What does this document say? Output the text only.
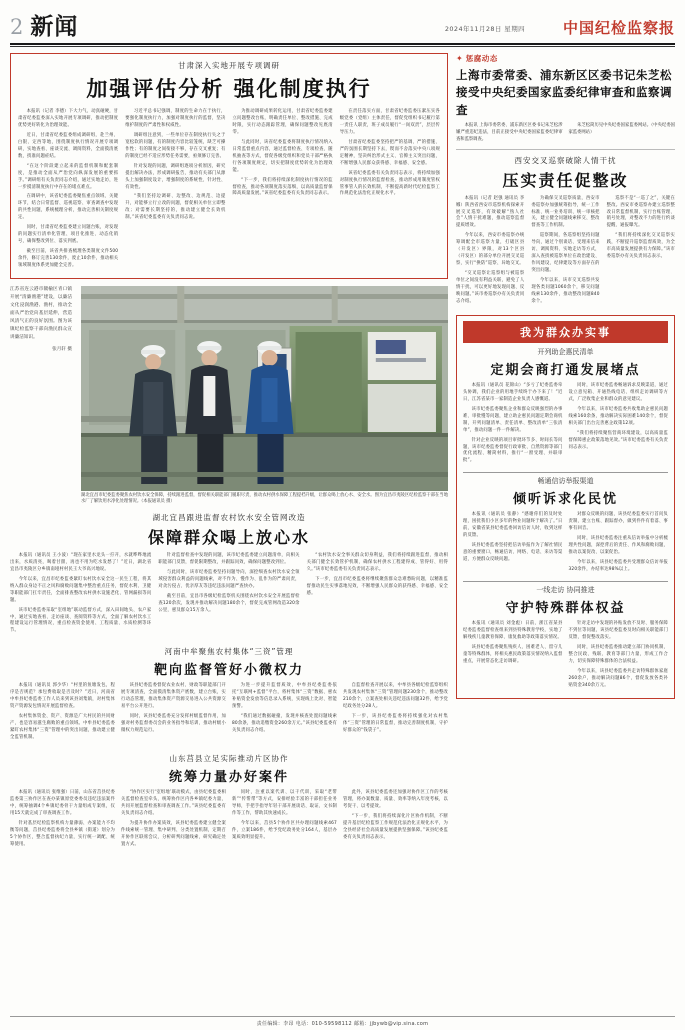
2 新闻	2024年11月28日 星期四	中国纪检监察报
甘肃深入实地开展专项调研
加强评估分析 强化制度执行

本报讯（记者 李德）下大力气、动真碰硬，甘肃省纪委监委深入实地开展专项调研，推动把制度优势更好转化为治理效能。

近日，甘肃省纪委监委组成调研组，赴兰州、白银、定西等地，围绕制度执行情况开展专项调研，实地查看、座谈交流、调阅资料，全面摸清底数，找准问题症结。

“在这个阶段建立起来的监督机制和配套制度，是推动全面从严治党向纵深发展的重要抓手。”调研组有关负责同志介绍，通过实地走访，进一步摸清制度执行中存在的堵点难点。

在调研中，该省纪委监委聚焦重点领域、关键环节，结合日常监督、巡视巡察、审查调查中发现的共性问题，系统梳理分析，推动完善相关制度规定。

同时，甘肃省纪委监委建立问题台账，对发现的问题实行清单化管理、项目化推进、动态化销号，确保整改到位、落实到底。

截至目前，该省共排查梳理各类制度文件500余件，修订完善130余件，废止10余件，推动相关领域制度体系更加健全完善。

习近平总书记强调，制度的生命力在于执行，要强化制度执行力，加强对制度执行的监督，坚决维护制度的严肃性和权威性。

调研组注意到，一些单位存在制度执行失之于宽松软的问题，有的制度内容比较笼统，缺乏可操作性；有的制度之间衔接不够，存在交叉重复；有的制度已经不适应形势任务需要，亟须修订完善。

针对发现的问题，调研组逐项分析原因，研究提出解决办法，形成调研报告，推动有关部门从源头上加强制度设计，增强制度的系统性、针对性、有效性。

“我们坚持边调研、边整改、边规范、边提升，对能够立行立改的问题，督促相关单位立即整改；对需要长期坚持的，推动建立健全长效机制。”该省纪委监委有关负责同志说。

为推动调研成果转化运用，甘肃省纪委监委建立问题整改台账，明确责任单位、整改措施、完成时限，实行动态跟踪管理，确保问题整改见底清零。

与此同时，该省纪委监委将制度执行情况纳入日常监督重点内容，通过监督检查、专项检查、随机抽查等方式，督促各级党组织和党员干部严格执行各项制度规定，切实把制度优势转化为治理效能。

“下一步，我们将持续深化制度执行情况的监督检查，推动各项制度落实落细，以高质量监督保障高质量发展。”该省纪委监委有关负责同志表示。

在责任落实方面，甘肃省纪委监委压紧压实各级党委（党组）主体责任，督促党组织书记履行第一责任人职责，班子成员履行“一岗双责”，层层传导压力。

甘肃省纪委监委坚持把严的基调、严的措施、严的氛围长期坚持下去，锲而不舍落实中央八项规定精神，坚决纠治形式主义、官僚主义突出问题，不断增强人民群众获得感、幸福感、安全感。

该省纪委监委有关负责同志表示，将持续加强对制度执行情况的监督检查，推动形成用制度管权管事管人的长效机制，不断提高新时代纪检监察工作规范化法治化正规化水平。

江苏省连云港市赣榆区青口镇开展“清廉渔港”建设，以廉洁文化浸润渔港、渔村，推动全面从严治党向基层延伸，营造风清气正的良好氛围。图为该镇纪检监察干部向渔民群众宣讲廉洁知识。
张月轩 摄
湖北宜昌市纪委监委聚焦农村饮水安全保障，持续跟进监督，督促相关职能部门履职尽责，推动农村供水保障工程提档升级，让群众喝上放心水、安全水。图为宜昌市夷陵区纪检监察干部在当地水厂了解饮用水净化处理情况。（本报通讯员 摄）
湖北宜昌跟进监督农村饮水安全管网改造
保障群众喝上放心水

本报讯（通讯员 王小波）“现在家里水龙头一拧开，水就哗哗地流出来，水质清亮，喝着甘甜，再也不用为吃水发愁了！”近日，湖北省宜昌市夷陵区分乡镇南垭村村民王大爷高兴地说。

今年以来，宜昌市纪委监委紧盯农村饮水安全这一民生工程，将其纳入群众身边不正之风和腐败问题集中整治重点任务，督促水利、卫健等职能部门扛牢责任，全面排查整改农村供水设施老化、管网漏损等问题。

该市纪委监委采取“室组地”联动监督方式，深入田间地头、农户家中，通过实地查看、走访座谈、查阅资料等方式，全面了解农村饮水工程建设运行管理情况，重点检查资金使用、工程质量、水质检测等环节。

针对监督检查中发现的问题，该市纪委监委建立问题清单，向相关职能部门反馈，督促限期整改，并跟踪问效，确保问题整改到位。

与此同时，该市纪委监委坚持问题导向，深挖细查农村饮水安全领域侵害群众利益的问题线索，对不作为、慢作为、乱作为的严肃问责，对贪污侵占、优亲厚友等违纪违法问题严查快办。

截至目前，宜昌市各级纪检监察机关围绕农村饮水安全开展监督检查120余次，发现并推动解决问题180余个，督促完成管网改造320余公里，惠及群众15万余人。

“农村饮水安全事关群众切身利益，我们将持续跟进监督，推动相关部门健全长效管护机制，确保农村供水工程建得成、管得好、用得久。”该市纪委监委有关负责同志表示。

下一步，宜昌市纪委监委将继续聚焦群众急难愁盼问题，以精准监督推动民生实事落地见效，不断增强人民群众的获得感、幸福感、安全感。

河南中牟聚焦农村集体“三资”管理
靶向监督管好小微权力

本报讯（通讯员 郭少华）“村里的鱼塘发包，程序是否规范？承包费收取是否及时？”近日，河南省中牟县纪委监委工作人员来到该县刘集镇，对村集体资产资源发包情况开展监督检查。

农村集体资金、资产、资源是广大村民的共同财产，也是容易滋生腐败的重点领域。中牟县纪委监委紧盯农村集体“三资”管理中的突出问题，推动建立健全监管机制。

该县纪委监委督促农业农村、财政等职能部门开展专项清查，全面摸清集体资产底数，建立台账，实行动态管理，推动集体资产资源交易进入公共资源交易平台公开进行。

同时，该县纪委监委充分发挥村级监督作用，加强对村务监督委员会的业务指导和培训，推动村级小微权力规范运行。

为进一步提升监督质效，中牟县纪委监委依托“互联网+监督”平台，将村集体“三资”数据、惠农补贴资金发放等信息录入系统，实现线上比对、智能预警。

“我们通过数据碰撞，发现并核查处置问题线索80余条，推动追缴资金260余万元。”该县纪委监委有关负责同志介绍。

自监督检查开展以来，中牟县各级纪检监察组织共发现农村集体“三资”管理问题230余个，推动整改210余个，立案查处相关违纪违法问题32件，给予党纪政务处分28人。

下一步，该县纪委监委将持续强化对农村集体“三资”管理的日常监督，推动完善制度机制，守护好群众的“钱袋子”。

山东莒县立足实际推动片区协作
统筹力量办好案件

本报讯（通讯员 张维强）日前，山东省莒县纪委监委第三协作区在查办某镇原党委委员违纪违法案件中，统筹抽调4个乡镇纪委骨干力量组成专案组，仅用15天就完成了审查调查工作。

针对基层纪检监察机构力量薄弱、办案能力不均衡等问题，莒县纪委监委将全县乡镇（街道）划分为5个协作区，整合监督执纪力量，实行统一调配、统筹使用。

“协作区实行‘室组地’联动模式，由县纪委监委相关监督检查室牵头，统筹协作区内各乡镇纪委力量，共同开展监督检查和审查调查工作。”该县纪委监委有关负责同志介绍。

为提升协作办案质效，该县纪委监委建立健全案件线索统一管理、集中研判、分类处置机制，定期召开协作区联席会议，分析研判问题线索，研究确定处置方式。

同时，注重以案代训、以干代训，采取“老带新”“传帮带”等方式，安排经验丰富的干部担任业务导师，手把手指导年轻干部开展谈话、取证、文书制作等工作，帮助其快速成长。

今年以来，莒县5个协作区共办理问题线索467件，立案186件，给予党纪政务处分164人，基层办案质效明显提升。

此外，该县纪委监委还加强对协作区工作的考核管理，将办案数量、质量、效率等纳入年度考核，以考促干、以考提效。

“下一步，我们将持续深化片区协作机制，不断提升基层纪检监察工作规范化法治化正规化水平，为全县经济社会高质量发展提供坚强保障。”该县纪委监委有关负责同志表示。

✦ 惩腐动态
上海市委常委、浦东新区区委书记朱芝松接受中央纪委国家监委纪律审查和监察调查

本报讯 上海市委常委、浦东新区区委书记朱芝松涉嫌严重违纪违法，目前正接受中央纪委国家监委纪律审查和监察调查。

朱芝松简历见中央纪委国家监委网站。（中央纪委国家监委网站）

西安交叉巡察破除人情干扰
压实责任促整改

本报讯（记者 赵强 通讯员 李娜）陕西省西安市巡察机构探索开展交叉巡察，有效破解“熟人社会”人情干扰难题，推动巡察监督提质增效。

今年以来，西安市委巡察办统筹调配全市巡察力量，打破区县（开发区）界限，对13个区县（开发区）的部分单位开展交叉巡察，实行“换防”巡察、异地交叉。

“交叉巡察让巡察组与被巡察单位之间没有利益关联，避免了人情干扰，可以更好地发现问题、反映问题。”该市委巡察办有关负责同志介绍。

为确保交叉巡察质量，西安市委巡察办加强统筹指导，统一工作标准、统一业务培训、统一审核把关，建立健全问题线索移交、整改督查等工作机制。

巡察期间，各巡察组坚持问题导向，通过个别谈话、受理来信来访、调阅资料、实地走访等方式，深入查找被巡察单位在政治建设、作风建设、纪律建设等方面存在的突出问题。

今年以来，该市交叉巡察共发现各类问题1060余个，移交问题线索130余件，推动整改问题840余个。

巡察不是“一巡了之”，关键在整改。西安市委巡察办建立巡察整改日常监督机制，实行台账管理、销号处理，对整改不力的进行约谈提醒、通报曝光。

“我们将持续深化交叉巡察实践，不断提升巡察监督质效，为全市高质量发展提供有力保障。”该市委巡察办有关负责同志表示。

我为群众办实事
开列助企惠民清单
定期会商打通发展堵点

本报讯（通讯员 花锦山）“多亏了纪委监委牵头协调，我们企业的用地手续终于办下来了！”近日，江苏省某市一家制造企业负责人感慨道。

该市纪委监委聚焦企业和群众反映强烈的办事难、审批慢等问题，建立助企惠民问题定期会商机制，开列问题清单、责任清单、整改清单“三张清单”，推动问题一件一件解决。

针对企业反映的项目审批环节多、时间长等问题，该市纪委监委督促行政审批、自然资源等部门优化流程、精简材料，推行“一窗受理、并联审批”。

同时，该市纪委监委畅通诉求反映渠道，通过设立意见箱、开通热线电话、组织走访调研等方式，广泛收集企业和群众的意见建议。

今年以来，该市纪委监委共收集助企惠民问题线索160余条，推动解决实际困难140余个，督促相关部门出台完善惠企政策12项。

“我们将持续聚焦营商环境建设，以高质量监督保障惠企政策落地见效。”该市纪委监委有关负责同志表示。

畅通信访举报渠道
倾听诉求化民忧

本报讯（通讯员 张静）“感谢你们的及时处理，困扰我们小区多年的物业问题终于解决了。”日前，安徽省某县纪委监委回访信访人时，收到这样的反馈。

该县纪委监委坚持把信访举报作为了解社情民意的重要窗口，畅通信访、网络、电话、来访等渠道，方便群众反映问题。

对群众反映的问题，该县纪委监委实行首问负责制，建立台账、跟踪督办，做到件件有着落、事事有回音。

同时，该县纪委监委注重从信访举报中分析梳理共性问题，深挖背后的责任、作风和腐败问题，推动以案促改、以案促治。

今年以来，该县纪委监委共受理群众信访举报320余件，办结率达98%以上。

一线走访 协同推进
守护特殊群体权益

本报讯（通讯员 刘金彪）日前，浙江省某县纪委监委监督检查组来到县特殊教育学校，实地了解残疾儿童教育保障、康复救助等政策落实情况。

该县纪委监委聚焦残疾人、困难老人、留守儿童等特殊群体，将相关惠民政策落实情况纳入监督重点，开展常态化走访调研。

针对走访中发现的补贴发放不及时、服务保障不到位等问题，该县纪委监委及时向相关职能部门反馈，督促整改落实。

同时，该县纪委监委推动建立部门协同机制，整合民政、残联、教育等部门力量，形成工作合力，切实保障特殊群体的合法权益。

今年以来，该县纪委监委共走访特殊群体家庭260余户，推动解决问题86个，督促发放各类补贴资金340余万元。

责任编辑：李昂 电话：010-59598112 邮箱：jjbywb@vip.sina.com
